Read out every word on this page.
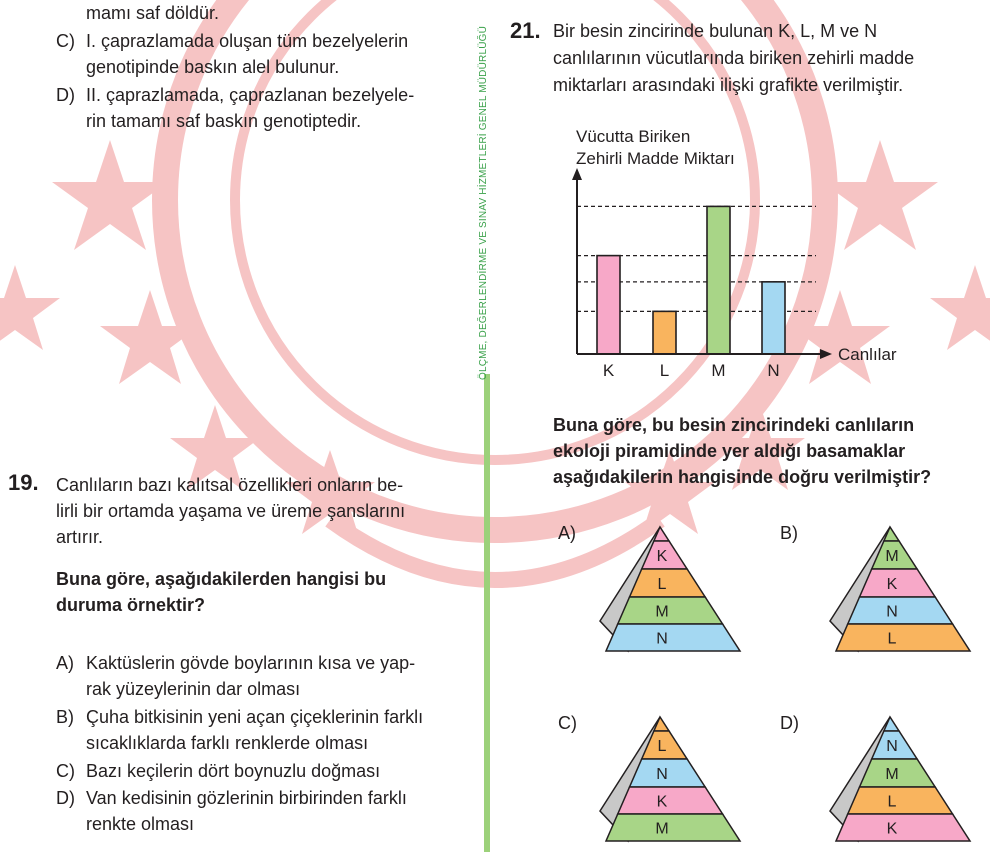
ÖLÇME, DEĞERLENDİRME VE SINAV HİZMETLERİ GENEL MÜDÜRLÜĞÜ
mamı saf döldür.
C) I. çaprazlamada oluşan tüm bezelyelerin
genotipinde baskın alel bulunur.
D) II. çaprazlamada, çaprazlanan bezelyele-
rin tamamı saf baskın genotiptedir.
19. Canlıların bazı kalıtsal özellikleri onların be-
lirli bir ortamda yaşama ve üreme şanslarını
artırır.
Buna göre, aşağıdakilerden hangisi bu
duruma örnektir?
A) Kaktüslerin gövde boylarının kısa ve yap-
rak yüzeylerinin dar olması
B) Çuha bitkisinin yeni açan çiçeklerinin farklı
sıcaklıklarda farklı renklerde olması
C) Bazı keçilerin dört boynuzlu doğması
D) Van kedisinin gözlerinin birbirinden farklı
renkte olması
21. Bir besin zincirinde bulunan K, L, M ve N
canlılarının vücutlarında biriken zehirli madde
miktarları arasındaki ilişki grafikte verilmiştir.
Vücutta Biriken
Zehirli Madde Miktarı
Canlılar
K	L M N
Buna göre, bu besin zincirindeki canlıların
ekoloji piramidinde yer aldığı basamaklar
aşağıdakilerin hangisinde doğru verilmiştir?
A)	B)
C)	D)
K
L
M
N
M
K
N
L
L
N
K
M
N
M
L
K
